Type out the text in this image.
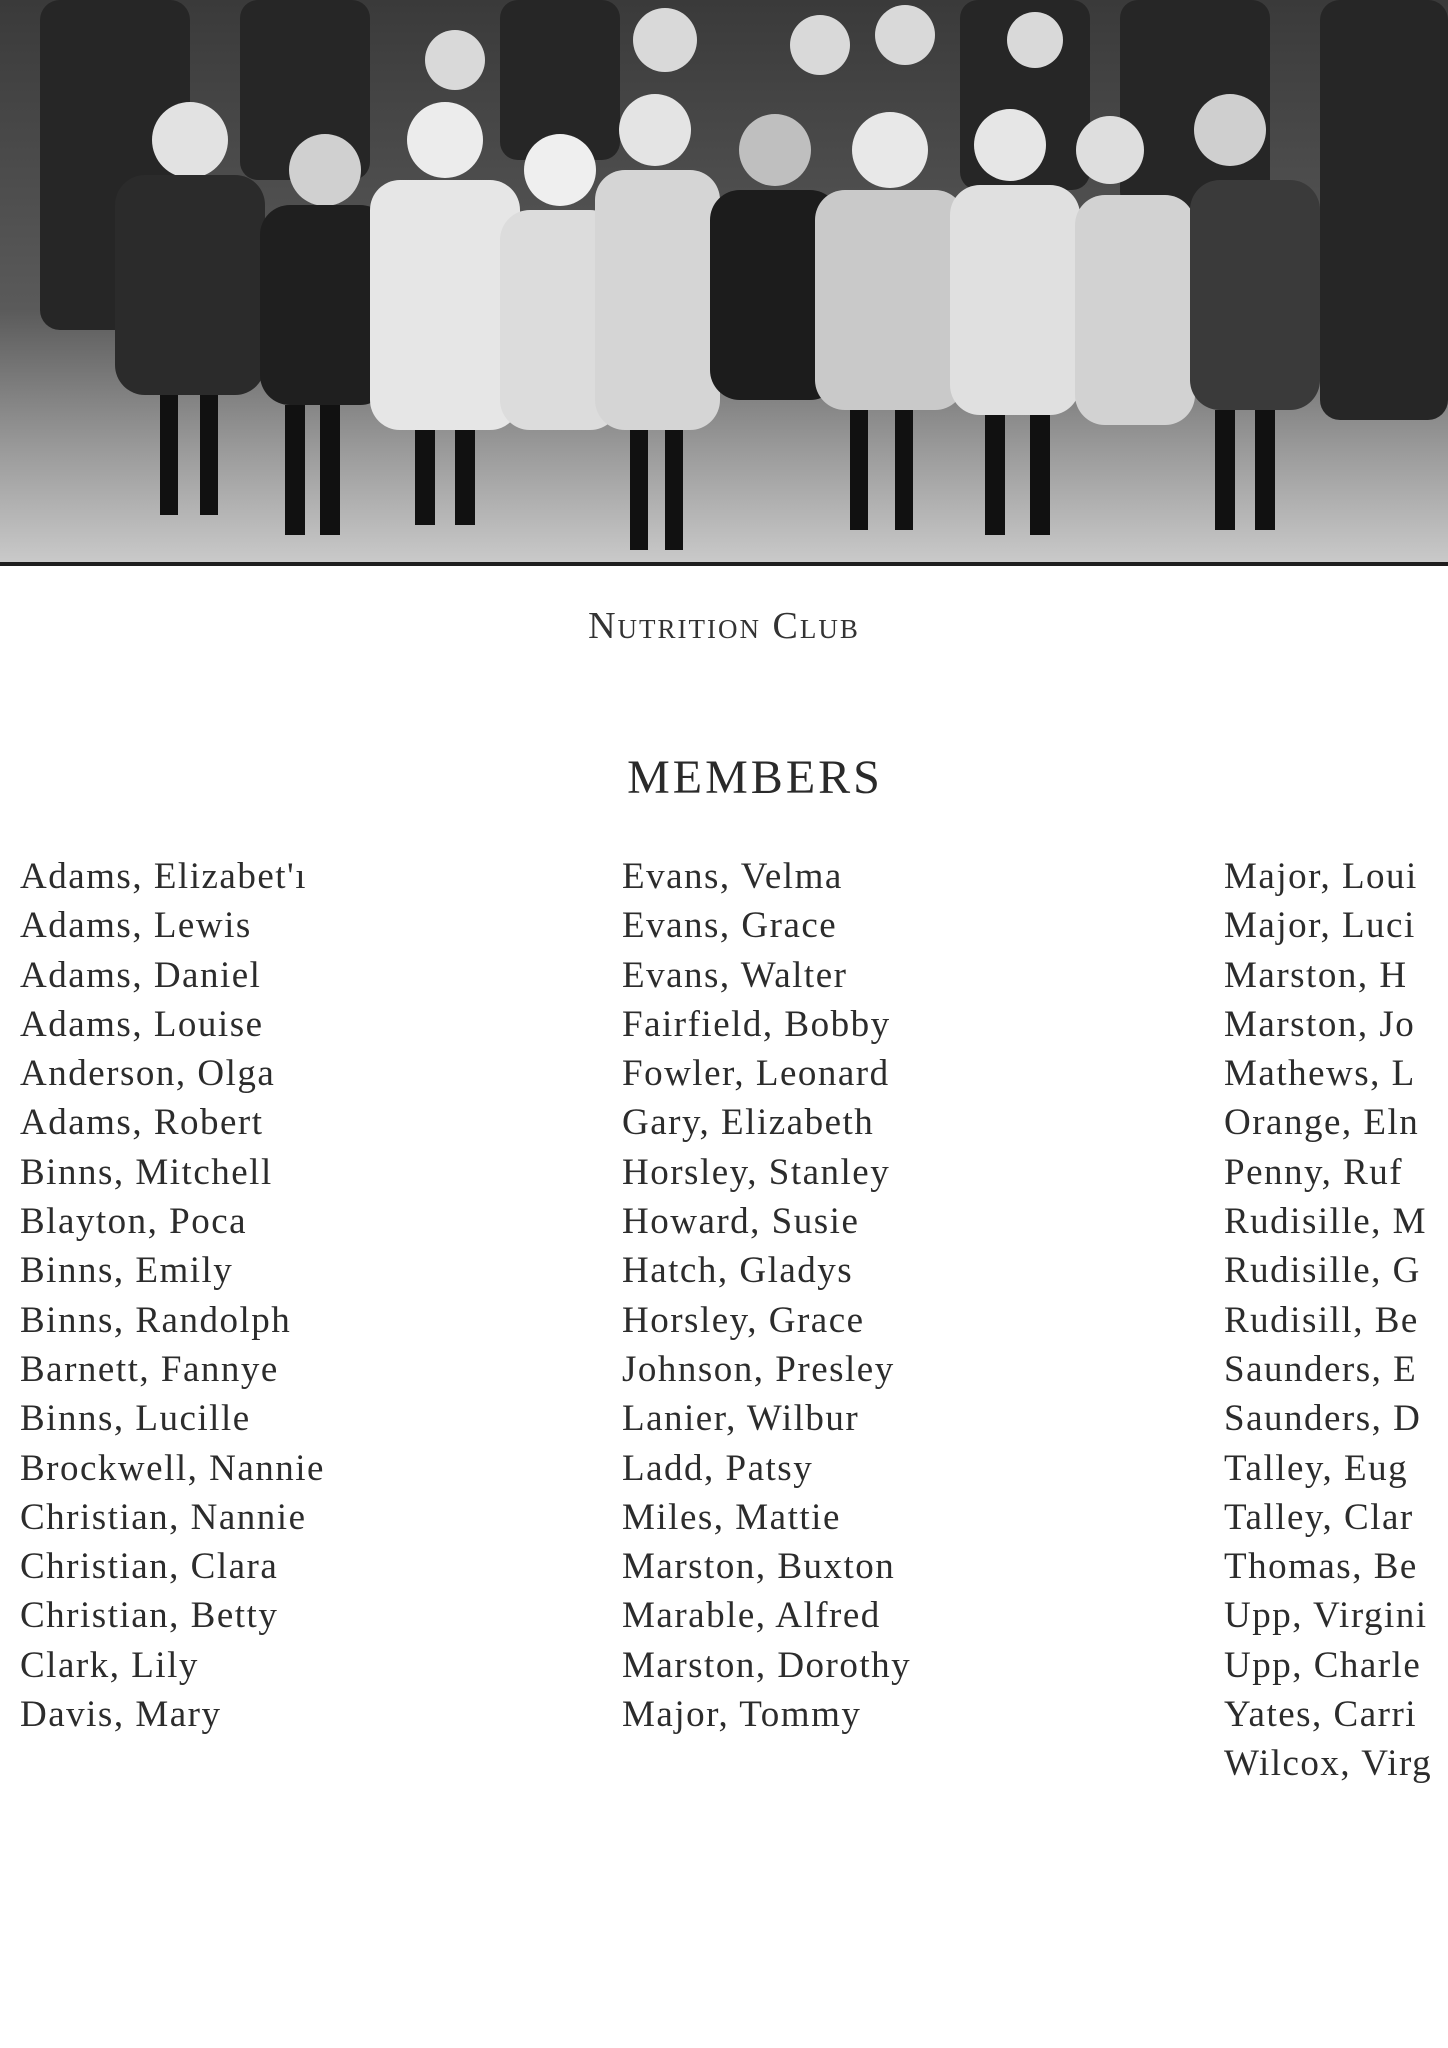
Nutrition Club
MEMBERS
Adams, Elizabet'ı
Adams, Lewis
Adams, Daniel
Adams, Louise
Anderson, Olga
Adams, Robert
Binns, Mitchell
Blayton, Poca
Binns, Emily
Binns, Randolph
Barnett, Fannye
Binns, Lucille
Brockwell, Nannie
Christian, Nannie
Christian, Clara
Christian, Betty
Clark, Lily
Davis, Mary
Evans, Velma
Evans, Grace
Evans, Walter
Fairfield, Bobby
Fowler, Leonard
Gary, Elizabeth
Horsley, Stanley
Howard, Susie
Hatch, Gladys
Horsley, Grace
Johnson, Presley
Lanier, Wilbur
Ladd, Patsy
Miles, Mattie
Marston, Buxton
Marable, Alfred
Marston, Dorothy
Major, Tommy
Major, Loui
Major, Luci
Marston, H
Marston, Jo
Mathews, L
Orange, Eln
Penny, Ruf
Rudisille, M
Rudisille, G
Rudisill, Be
Saunders, E
Saunders, D
Talley, Eug
Talley, Clar
Thomas, Be
Upp, Virgini
Upp, Charle
Yates, Carri
Wilcox, Virg
